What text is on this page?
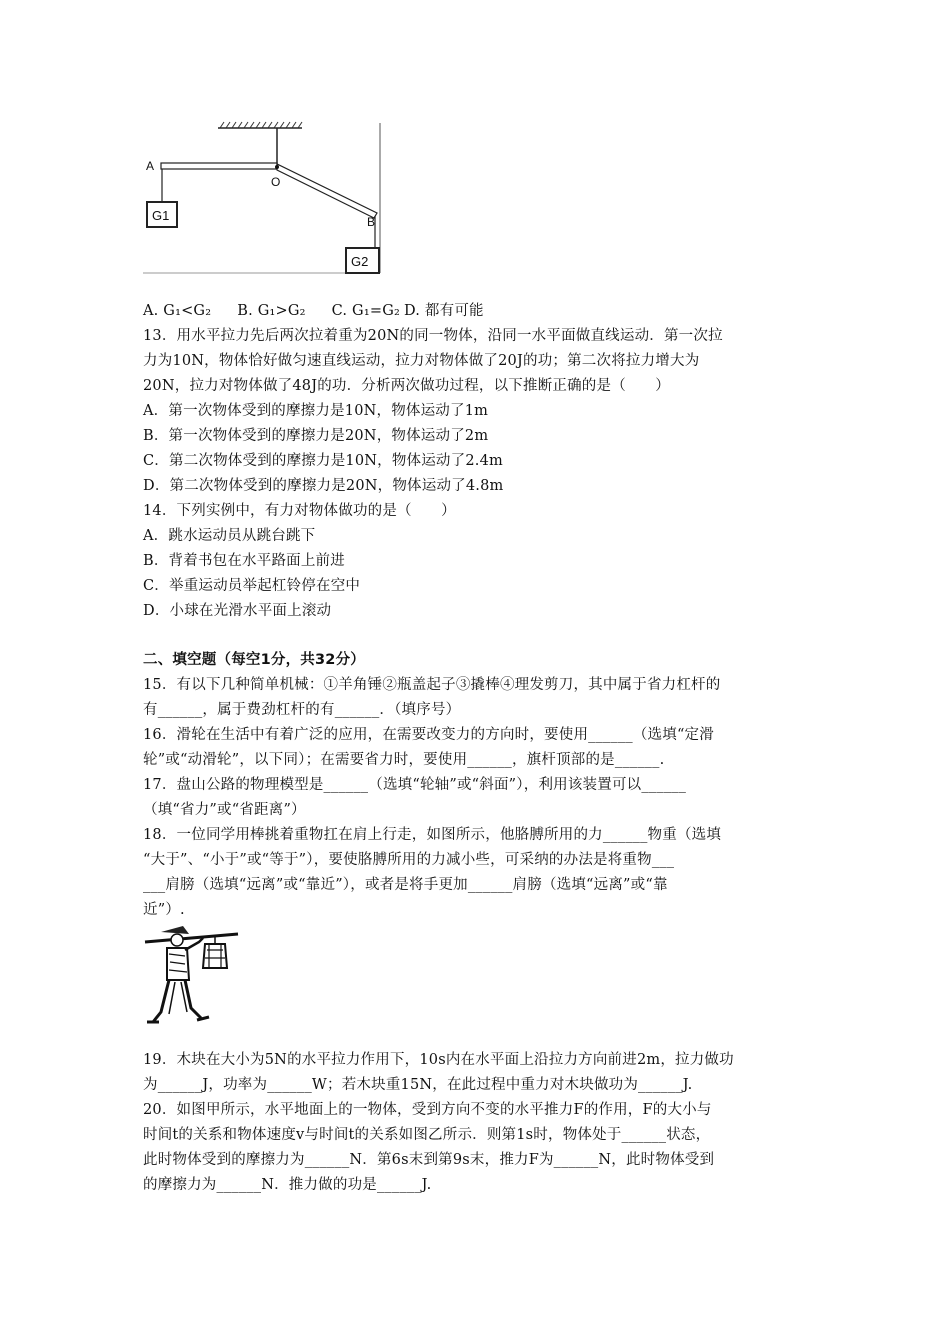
A
O
B
G1
G2
A. G₁<G₂ B. G₁>G₂ C. G₁=G₂ D. 都有可能
13．用水平拉力先后两次拉着重为20N的同一物体，沿同一水平面做直线运动．第一次拉
力为10N，物体恰好做匀速直线运动，拉力对物体做了20J的功；第二次将拉力增大为
20N，拉力对物体做了48J的功．分析两次做功过程，以下推断正确的是（　　）
A．第一次物体受到的摩擦力是10N，物体运动了1m
B．第一次物体受到的摩擦力是20N，物体运动了2m
C．第二次物体受到的摩擦力是10N，物体运动了2.4m
D．第二次物体受到的摩擦力是20N，物体运动了4.8m
14．下列实例中，有力对物体做功的是（　　）
A．跳水运动员从跳台跳下
B．背着书包在水平路面上前进
C．举重运动员举起杠铃停在空中
D．小球在光滑水平面上滚动
二、填空题（每空1分，共32分）
15．有以下几种简单机械：①羊角锤②瓶盖起子③撬棒④理发剪刀，其中属于省力杠杆的
有______，属于费劲杠杆的有______．（填序号）
16．滑轮在生活中有着广泛的应用，在需要改变力的方向时，要使用______（选填“定滑
轮”或“动滑轮”，以下同）；在需要省力时，要使用______，旗杆顶部的是______.
17．盘山公路的物理模型是______（选填“轮轴”或“斜面”），利用该装置可以______
（填“省力”或“省距离”）
18．一位同学用棒挑着重物扛在肩上行走，如图所示，他胳膊所用的力______物重（选填
“大于”、“小于”或“等于”），要使胳膊所用的力减小些，可采纳的办法是将重物___
___肩膀（选填“远离”或“靠近”），或者是将手更加______肩膀（选填“远离”或“靠
近”）.
19．木块在大小为5N的水平拉力作用下，10s内在水平面上沿拉力方向前进2m，拉力做功
为______J，功率为______W；若木块重15N，在此过程中重力对木块做功为______J.
20．如图甲所示，水平地面上的一物体，受到方向不变的水平推力F的作用，F的大小与
时间t的关系和物体速度v与时间t的关系如图乙所示．则第1s时，物体处于______状态，
此时物体受到的摩擦力为______N．第6s末到第9s末，推力F为______N，此时物体受到
的摩擦力为______N．推力做的功是______J.
